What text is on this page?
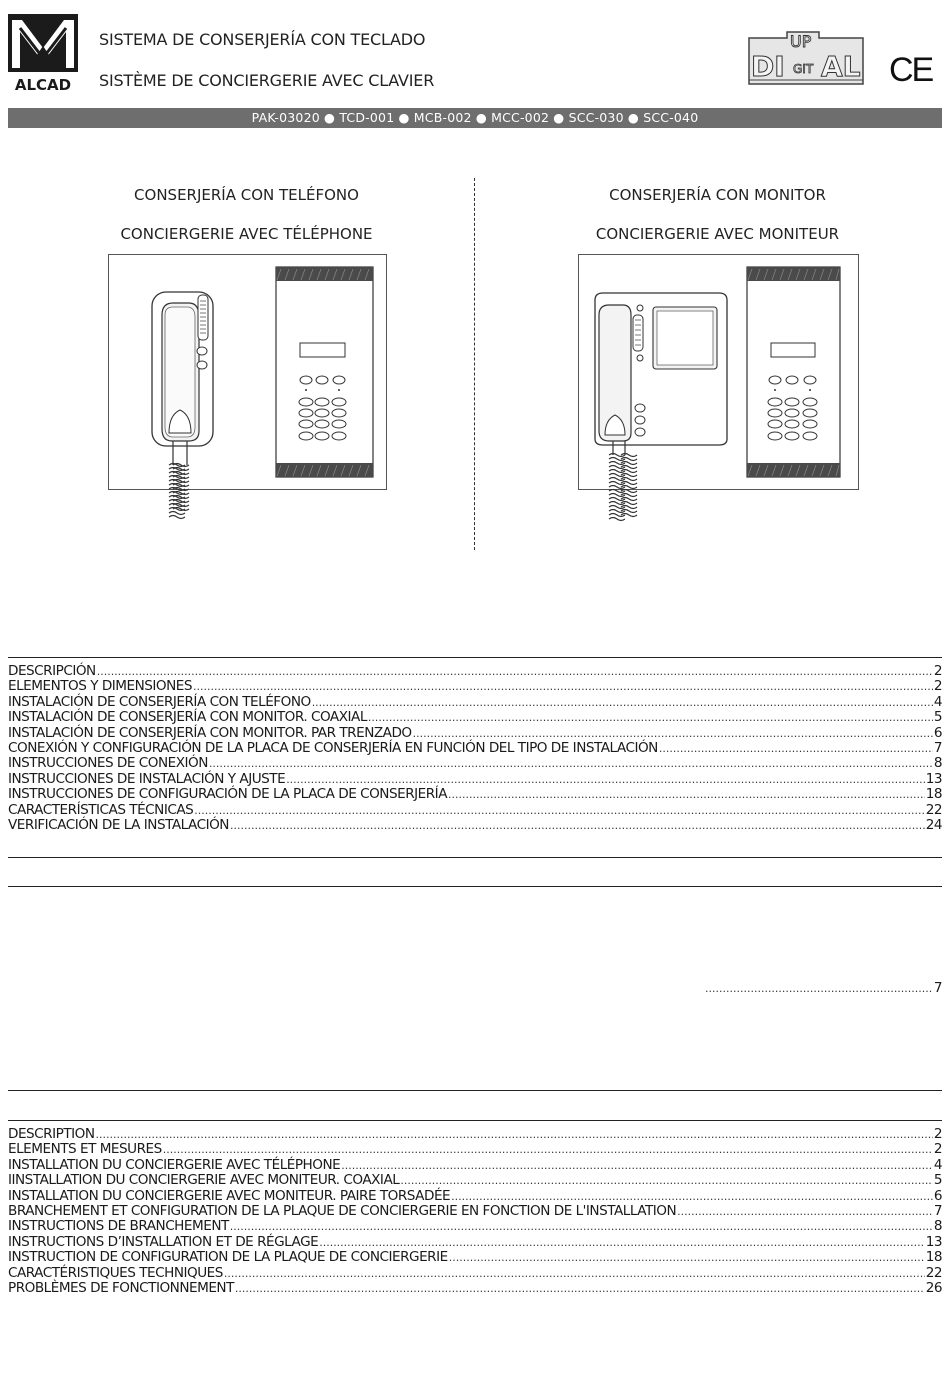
ALCAD
SISTEMA DE CONSERJERÍA CON TECLADO
SISTÈME DE CONCIERGERIE AVEC CLAVIER
UP
DI GIT AL CE
PAK-03020 ● TCD-001 ● MCB-002 ● MCC-002 ● SCC-030 ● SCC-040
CONSERJERÍA CON TELÉFONO
CONCIERGERIE AVEC TÉLÉPHONE
CONSERJERÍA CON MONITOR
CONCIERGERIE AVEC MONITEUR
DESCRIPCIÓN .....	2
ELEMENTOS Y DIMENSIONES .....	2
INSTALACIÓN DE CONSERJERÍA CON TELÉFONO .....	4
INSTALACIÓN DE CONSERJERÍA CON MONITOR. COAXIAL .....	5
INSTALACIÓN DE CONSERJERÍA CON MONITOR. PAR TRENZADO .....	6
CONEXIÓN Y CONFIGURACIÓN DE LA PLACA DE CONSERJERÍA EN FUNCIÓN DEL TIPO DE INSTALACIÓN .....	7
INSTRUCCIONES DE CONEXIÓN .....	8
INSTRUCCIONES DE INSTALACIÓN Y AJUSTE .....	13
INSTRUCCIONES DE CONFIGURACIÓN DE LA PLACA DE CONSERJERÍA .....	18
CARACTERÍSTICAS TÉCNICAS .....	22
VERIFICACIÓN DE LA INSTALACIÓN .....	24
.....
7
DESCRIPTION .....	2
ELEMENTS ET MESURES .....	2
INSTALLATION DU CONCIERGERIE AVEC TÉLÉPHONE .....	4
IINSTALLATION DU CONCIERGERIE AVEC MONITEUR. COAXIAL .....	5
INSTALLATION DU CONCIERGERIE AVEC MONITEUR. PAIRE TORSADÉE .....	6
BRANCHEMENT ET CONFIGURATION DE LA PLAQUE DE CONCIERGERIE EN FONCTION DE L'INSTALLATION .....	7
INSTRUCTIONS DE BRANCHEMENT .....	8
INSTRUCTIONS D’INSTALLATION ET DE RÉGLAGE .....	13
INSTRUCTION DE CONFIGURATION DE LA PLAQUE DE CONCIERGERIE .....	18
CARACTÉRISTIQUES TECHNIQUES .....	22
PROBLÈMES DE FONCTIONNEMENT .....	26
